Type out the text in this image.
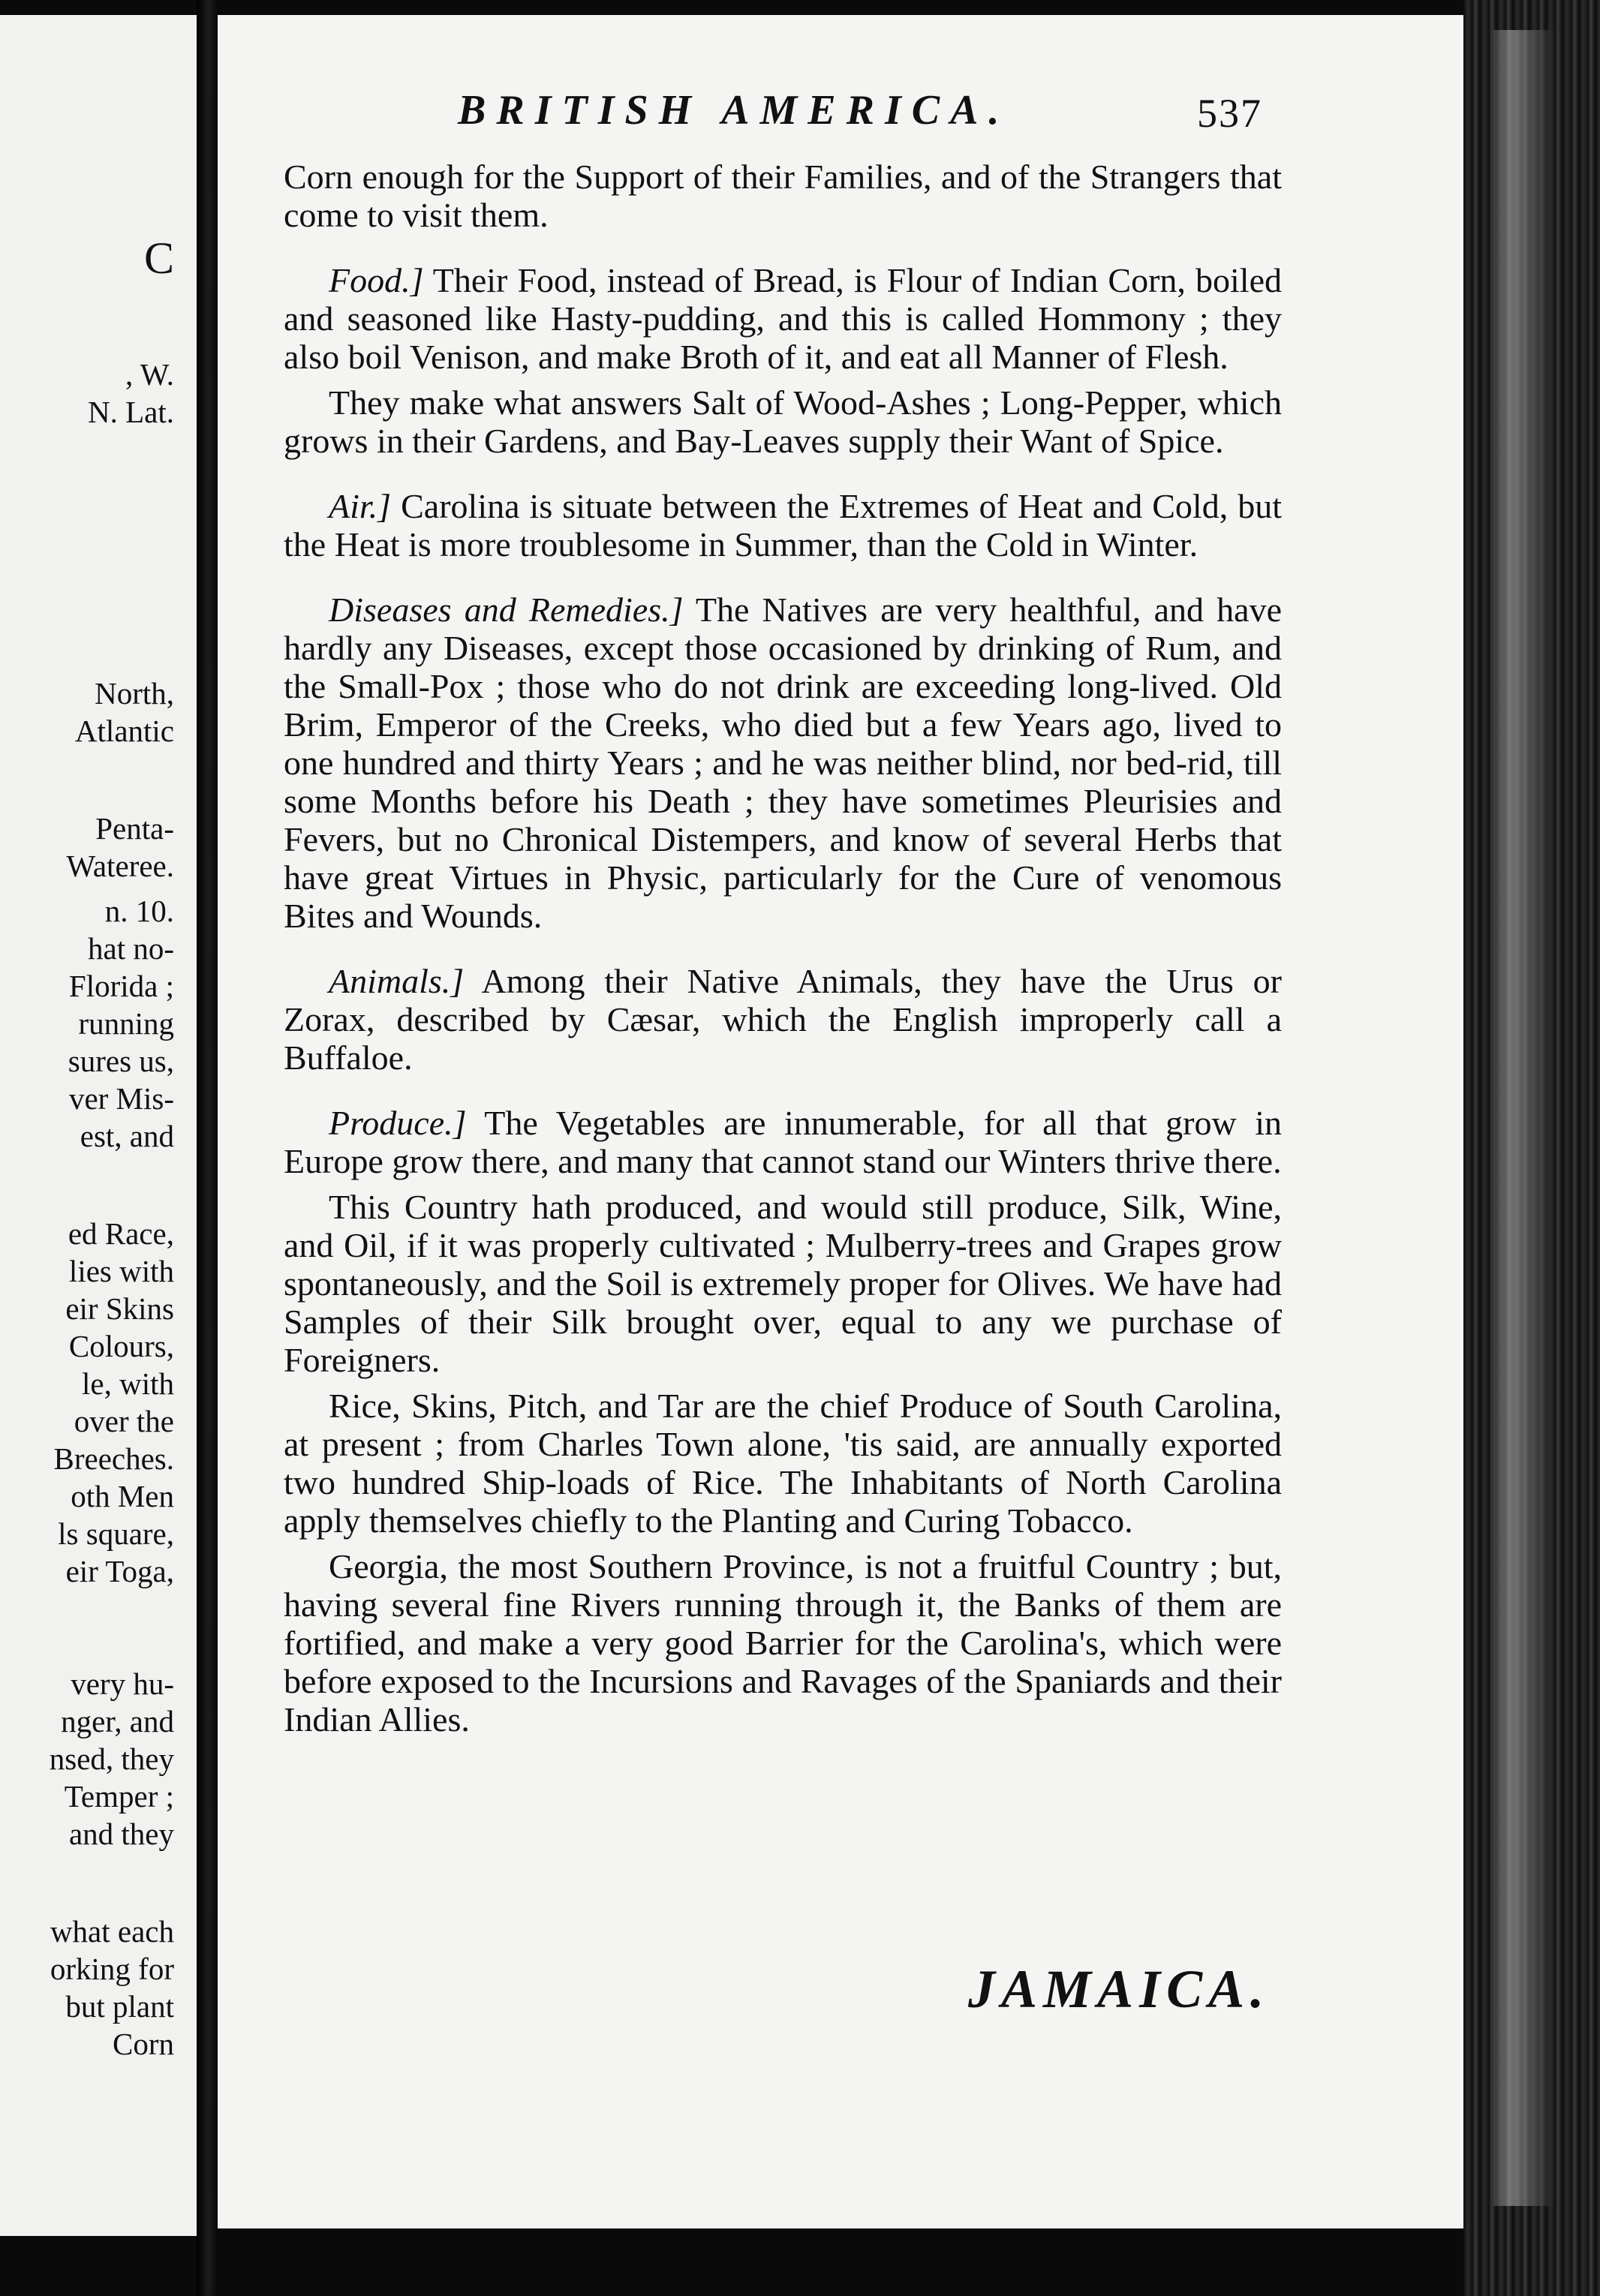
C
, W.
N. Lat.
North,
Atlantic
Penta-
Wateree.
n. 10.
hat no-
Florida ;
running
sures us,
ver Mis-
est, and
ed Race,
lies with
eir Skins
Colours,
le, with
over the
Breeches.
oth Men
ls square,
eir Toga,
very hu-
nger, and
nsed, they
Temper ;
and they
what each
orking for
but plant
Corn
BRITISH AMERICA.	537

Corn enough for the Support of their Families, and of the Strangers that come to visit them.

Food.] Their Food, instead of Bread, is Flour of Indian Corn, boiled and seasoned like Hasty-pudding, and this is called Hommony ; they also boil Venison, and make Broth of it, and eat all Manner of Flesh.

They make what answers Salt of Wood-Ashes ; Long-Pepper, which grows in their Gardens, and Bay-Leaves supply their Want of Spice.

Air.] Carolina is situate between the Extremes of Heat and Cold, but the Heat is more troublesome in Summer, than the Cold in Winter.

Diseases and Remedies.] The Natives are very healthful, and have hardly any Diseases, except those occasioned by drinking of Rum, and the Small-Pox ; those who do not drink are exceeding long-lived. Old Brim, Emperor of the Creeks, who died but a few Years ago, lived to one hundred and thirty Years ; and he was neither blind, nor bed-rid, till some Months before his Death ; they have sometimes Pleurisies and Fevers, but no Chronical Distempers, and know of several Herbs that have great Virtues in Physic, particularly for the Cure of venomous Bites and Wounds.

Animals.] Among their Native Animals, they have the Urus or Zorax, described by Cæsar, which the English improperly call a Buffaloe.

Produce.] The Vegetables are innumerable, for all that grow in Europe grow there, and many that cannot stand our Winters thrive there.

This Country hath produced, and would still produce, Silk, Wine, and Oil, if it was properly cultivated ; Mulberry-trees and Grapes grow spontaneously, and the Soil is extremely proper for Olives. We have had Samples of their Silk brought over, equal to any we purchase of Foreigners.

Rice, Skins, Pitch, and Tar are the chief Produce of South Carolina, at present ; from Charles Town alone, 'tis said, are annually exported two hundred Ship-loads of Rice. The Inhabitants of North Carolina apply themselves chiefly to the Planting and Curing Tobacco.

Georgia, the most Southern Province, is not a fruitful Country ; but, having several fine Rivers running through it, the Banks of them are fortified, and make a very good Barrier for the Carolina's, which were before exposed to the Incursions and Ravages of the Spaniards and their Indian Allies.

JAMAICA.
